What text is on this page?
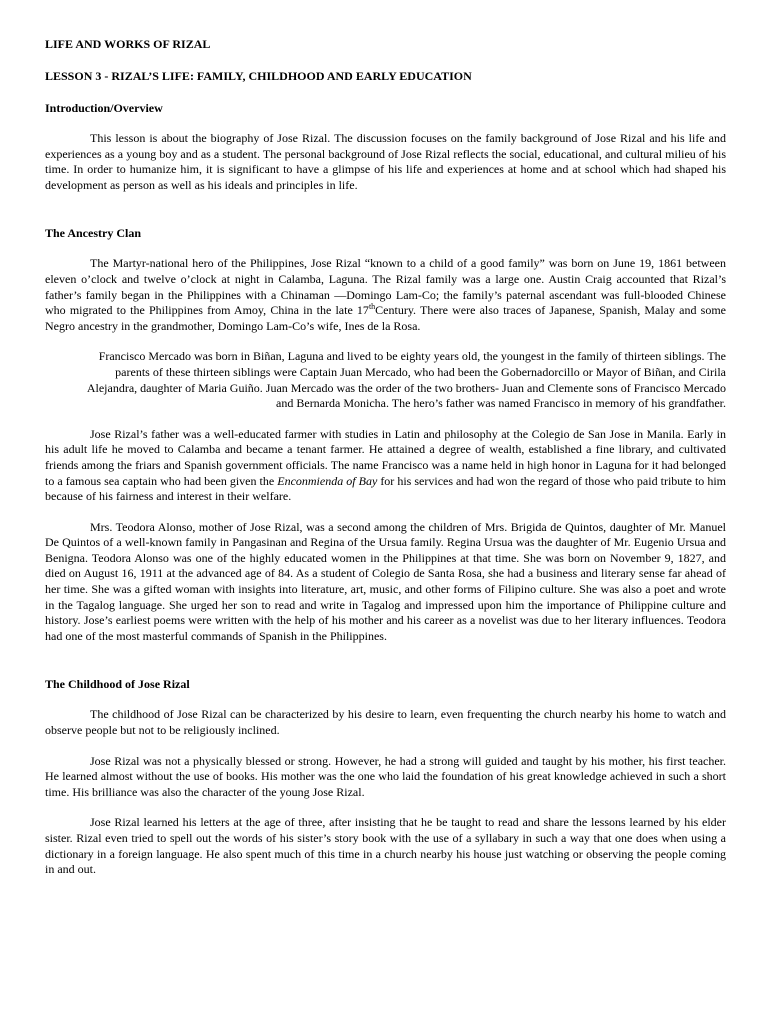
LIFE AND WORKS OF RIZAL
LESSON 3 - RIZAL’S LIFE: FAMILY, CHILDHOOD AND EARLY EDUCATION
Introduction/Overview

This lesson is about the biography of Jose Rizal. The discussion focuses on the family background of Jose Rizal and his life and experiences as a young boy and as a student. The personal background of Jose Rizal reflects the social, educational, and cultural milieu of his time. In order to humanize him, it is significant to have a glimpse of his life and experiences at home and at school which had shaped his development as person as well as his ideals and principles in life.

The Ancestry Clan

The Martyr-national hero of the Philippines, Jose Rizal “known to a child of a good family” was born on June 19, 1861 between eleven o’clock and twelve o’clock at night in Calamba, Laguna. The Rizal family was a large one. Austin Craig accounted that Rizal’s father’s family began in the Philippines with a Chinaman —Domingo Lam-Co; the family’s paternal ascendant was full-blooded Chinese who migrated to the Philippines from Amoy, China in the late 17thCentury. There were also traces of Japanese, Spanish, Malay and some Negro ancestry in the grandmother, Domingo Lam-Co’s wife, Ines de la Rosa.

Francisco Mercado was born in Biñan, Laguna and lived to be eighty years old, the youngest in the family of thirteen siblings. The parents of these thirteen siblings were Captain Juan Mercado, who had been the Gobernadorcillo or Mayor of Biñan, and Cirila Alejandra, daughter of Maria Guiño. Juan Mercado was the order of the two brothers- Juan and Clemente sons of Francisco Mercado and Bernarda Monicha. The hero’s father was named Francisco in memory of his grandfather.

Jose Rizal’s father was a well-educated farmer with studies in Latin and philosophy at the Colegio de San Jose in Manila. Early in his adult life he moved to Calamba and became a tenant farmer. He attained a degree of wealth, established a fine library, and cultivated friends among the friars and Spanish government officials. The name Francisco was a name held in high honor in Laguna for it had belonged to a famous sea captain who had been given the Enconmienda of Bay for his services and had won the regard of those who paid tribute to him because of his fairness and interest in their welfare.

Mrs. Teodora Alonso, mother of Jose Rizal, was a second among the children of Mrs. Brigida de Quintos, daughter of Mr. Manuel De Quintos of a well-known family in Pangasinan and Regina of the Ursua family. Regina Ursua was the daughter of Mr. Eugenio Ursua and Benigna. Teodora Alonso was one of the highly educated women in the Philippines at that time. She was born on November 9, 1827, and died on August 16, 1911 at the advanced age of 84. As a student of Colegio de Santa Rosa, she had a business and literary sense far ahead of her time. She was a gifted woman with insights into literature, art, music, and other forms of Filipino culture. She was also a poet and wrote in the Tagalog language. She urged her son to read and write in Tagalog and impressed upon him the importance of Philippine culture and history. Jose’s earliest poems were written with the help of his mother and his career as a novelist was due to her literary influences. Teodora had one of the most masterful commands of Spanish in the Philippines.

The Childhood of Jose Rizal

The childhood of Jose Rizal can be characterized by his desire to learn, even frequenting the church nearby his home to watch and observe people but not to be religiously inclined.

Jose Rizal was not a physically blessed or strong. However, he had a strong will guided and taught by his mother, his first teacher. He learned almost without the use of books. His mother was the one who laid the foundation of his great knowledge achieved in such a short time. His brilliance was also the character of the young Jose Rizal.

Jose Rizal learned his letters at the age of three, after insisting that he be taught to read and share the lessons learned by his elder sister. Rizal even tried to spell out the words of his sister’s story book with the use of a syllabary in such a way that one does when using a dictionary in a foreign language. He also spent much of this time in a church nearby his house just watching or observing the people coming in and out.
